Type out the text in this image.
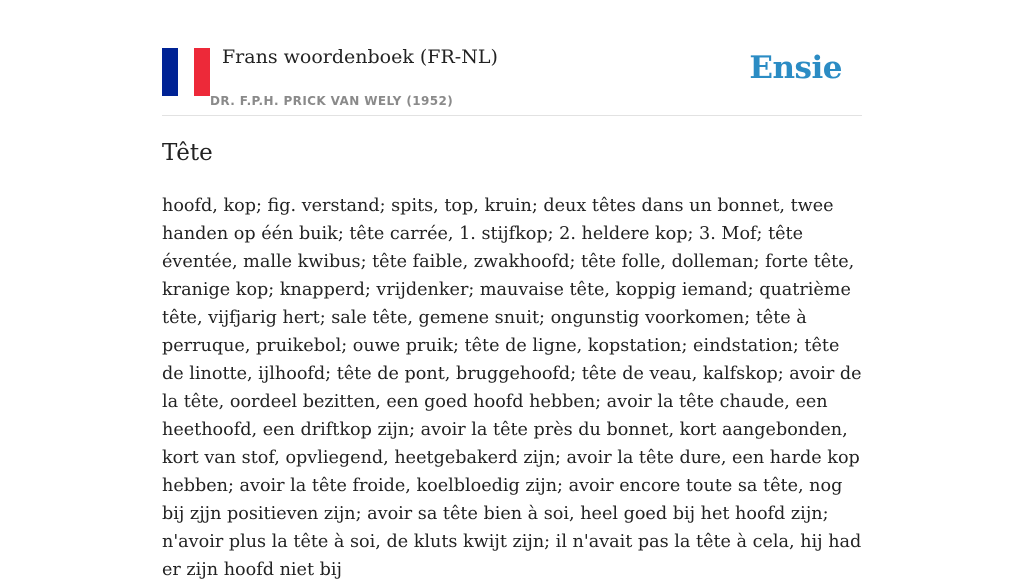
Frans woordenboek (FR-NL)
DR. F.P.H. PRICK VAN WELY (1952)
Ensie
Tête

hoofd, kop; fig. verstand; spits, top, kruin; deux têtes dans un bonnet, twee handen op één buik; tête carrée, 1. stijfkop; 2. heldere kop; 3. Mof; tête éventée, malle kwibus; tête faible, zwakhoofd; tête folle, dolleman; forte tête, kranige kop; knapperd; vrijdenker; mauvaise tête, koppig iemand; quatrième tête, vijfjarig hert; sale tête, gemene snuit; ongunstig voorkomen; tête à perruque, pruikebol; ouwe pruik; tête de ligne, kopstation; eindstation; tête de linotte, ijlhoofd; tête de pont, bruggehoofd; tête de veau, kalfskop; avoir de la tête, oordeel bezitten, een goed hoofd hebben; avoir la tête chaude, een heethoofd, een driftkop zijn; avoir la tête près du bonnet, kort aangebonden, kort van stof, opvliegend, heetgebakerd zijn; avoir la tête dure, een harde kop hebben; avoir la tête froide, koelbloedig zijn; avoir encore toute sa tête, nog bij zjjn positieven zijn; avoir sa tête bien à soi, heel goed bij het hoofd zijn; n'avoir plus la tête à soi, de kluts kwijt zijn; il n'avait pas la tête à cela, hij had er zijn hoofd niet bij
